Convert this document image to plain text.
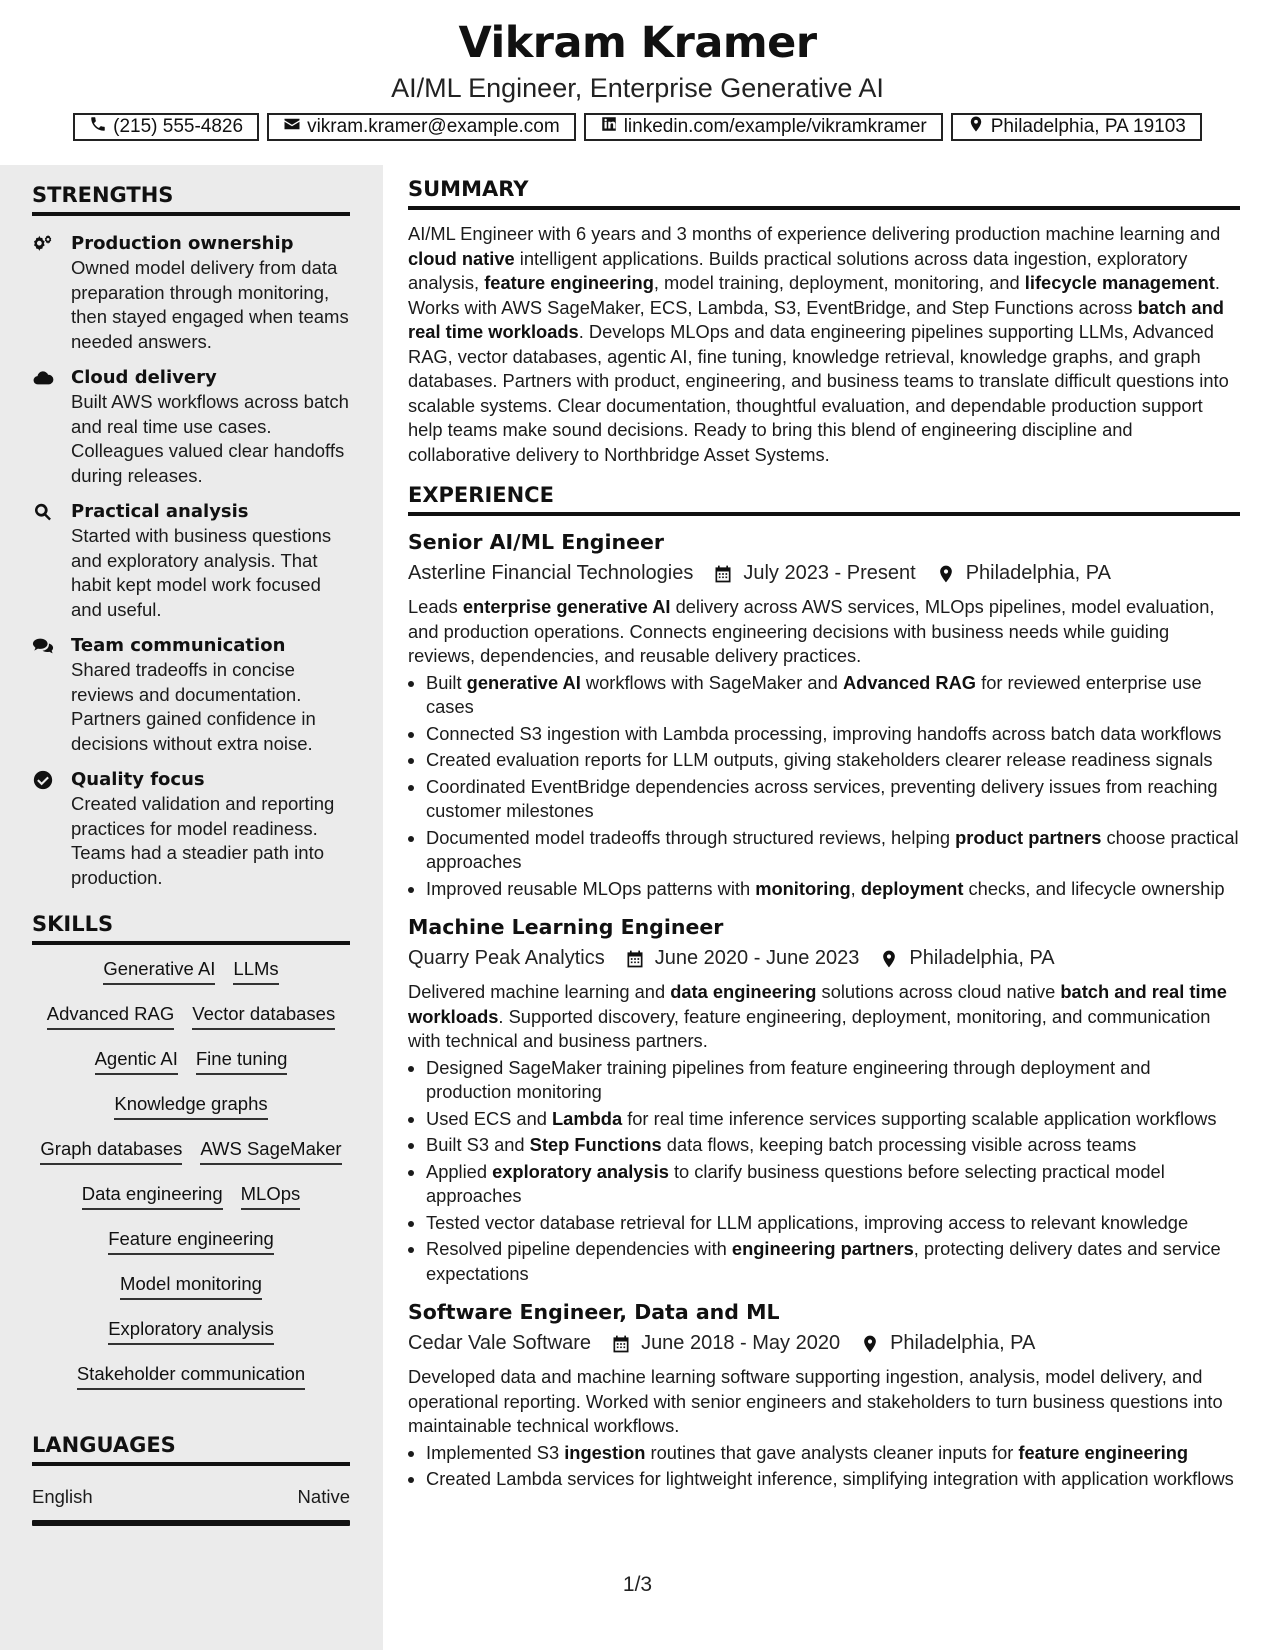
Vikram Kramer
AI/ML Engineer, Enterprise Generative AI
(215) 555-4826	vikram.kramer@example.com	linkedin.com/example/vikramkramer	Philadelphia, PA 19103
STRENGTHS
Production ownership
Owned model delivery from data preparation through monitoring, then stayed engaged when teams needed answers.
Cloud delivery
Built AWS workflows across batch and real time use cases. Colleagues valued clear handoffs during releases.
Practical analysis
Started with business questions and exploratory analysis. That habit kept model work focused and useful.
Team communication
Shared tradeoffs in concise reviews and documentation. Partners gained confidence in decisions without extra noise.
Quality focus
Created validation and reporting practices for model readiness. Teams had a steadier path into production.
SKILLS
Generative AI LLMs
Advanced RAG Vector databases
Agentic AI Fine tuning
Knowledge graphs
Graph databases AWS SageMaker
Data engineering MLOps
Feature engineering
Model monitoring
Exploratory analysis
Stakeholder communication
LANGUAGES
English	Native
SUMMARY
AI/ML Engineer with 6 years and 3 months of experience delivering production machine learning and cloud native intelligent applications. Builds practical solutions across data ingestion, exploratory analysis, feature engineering, model training, deployment, monitoring, and lifecycle management. Works with AWS SageMaker, ECS, Lambda, S3, EventBridge, and Step Functions across batch and real time workloads. Develops MLOps and data engineering pipelines supporting LLMs, Advanced RAG, vector databases, agentic AI, fine tuning, knowledge retrieval, knowledge graphs, and graph databases. Partners with product, engineering, and business teams to translate difficult questions into scalable systems. Clear documentation, thoughtful evaluation, and dependable production support help teams make sound decisions. Ready to bring this blend of engineering discipline and collaborative delivery to Northbridge Asset Systems.
EXPERIENCE
Senior AI/ML Engineer
Asterline Financial Technologies	July 2023 - Present	Philadelphia, PA
Leads enterprise generative AI delivery across AWS services, MLOps pipelines, model evaluation, and production operations. Connects engineering decisions with business needs while guiding reviews, dependencies, and reusable delivery practices.
• Built generative AI workflows with SageMaker and Advanced RAG for reviewed enterprise use cases
• Connected S3 ingestion with Lambda processing, improving handoffs across batch data workflows
• Created evaluation reports for LLM outputs, giving stakeholders clearer release readiness signals
• Coordinated EventBridge dependencies across services, preventing delivery issues from reaching customer milestones
• Documented model tradeoffs through structured reviews, helping product partners choose practical approaches
• Improved reusable MLOps patterns with monitoring, deployment checks, and lifecycle ownership
Machine Learning Engineer
Quarry Peak Analytics	June 2020 - June 2023	Philadelphia, PA
Delivered machine learning and data engineering solutions across cloud native batch and real time workloads. Supported discovery, feature engineering, deployment, monitoring, and communication with technical and business partners.
• Designed SageMaker training pipelines from feature engineering through deployment and production monitoring
• Used ECS and Lambda for real time inference services supporting scalable application workflows
• Built S3 and Step Functions data flows, keeping batch processing visible across teams
• Applied exploratory analysis to clarify business questions before selecting practical model approaches
• Tested vector database retrieval for LLM applications, improving access to relevant knowledge
• Resolved pipeline dependencies with engineering partners, protecting delivery dates and service expectations
Software Engineer, Data and ML
Cedar Vale Software	June 2018 - May 2020	Philadelphia, PA
Developed data and machine learning software supporting ingestion, analysis, model delivery, and operational reporting. Worked with senior engineers and stakeholders to turn business questions into maintainable technical workflows.
• Implemented S3 ingestion routines that gave analysts cleaner inputs for feature engineering
• Created Lambda services for lightweight inference, simplifying integration with application workflows
1/3
